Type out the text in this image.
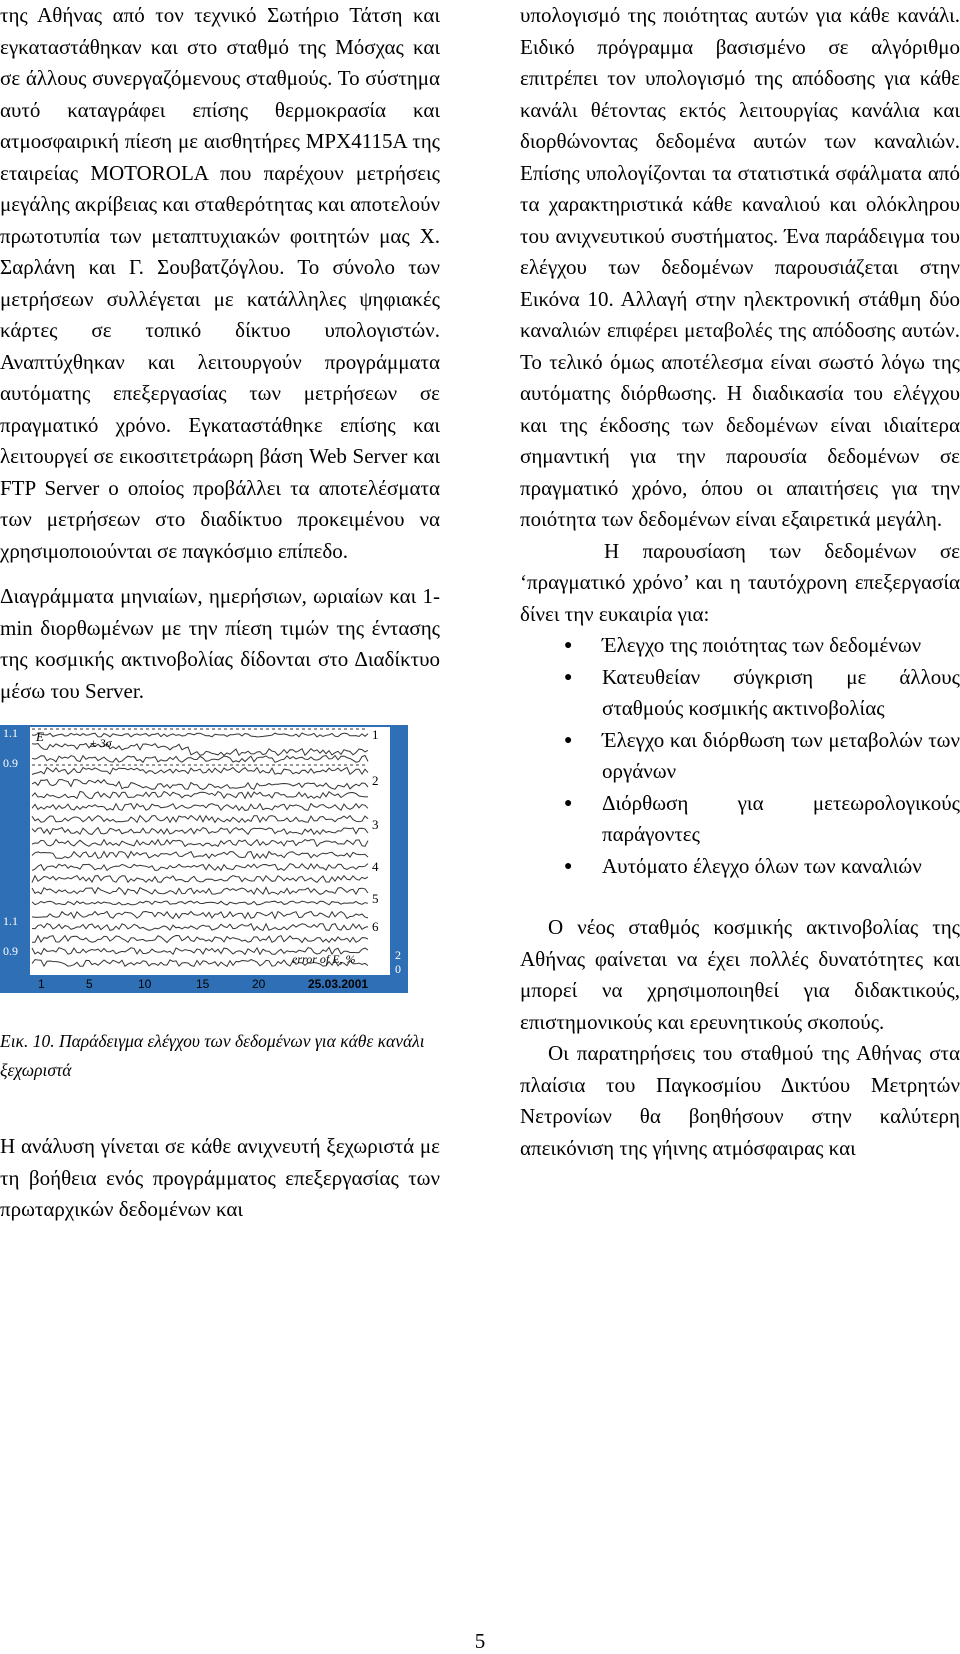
της Αθήνας από τον τεχνικό Σωτήριο Τάτση και εγκαταστάθηκαν και στο σταθμό της Μόσχας και σε άλλους συνεργαζόμενους σταθμούς. Το σύστημα αυτό καταγράφει επίσης θερμοκρασία και ατμοσφαιρική πίεση με αισθητήρες MPX4115A της εταιρείας MOTOROLA που παρέχουν μετρήσεις μεγάλης ακρίβειας και σταθερότητας και αποτελούν πρωτοτυπία των μεταπτυχιακών φοιτητών μας Χ. Σαρλάνη και Γ. Σουβατζόγλου. Το σύνολο των μετρήσεων συλλέγεται με κατάλληλες ψηφιακές κάρτες σε τοπικό δίκτυο υπολογιστών. Αναπτύχθηκαν και λειτουργούν προγράμματα αυτόματης επεξεργασίας των μετρήσεων σε πραγματικό χρόνο. Εγκαταστάθηκε επίσης και λειτουργεί σε εικοσιτετράωρη βάση Web Server και FTP Server ο οποίος προβάλλει τα αποτελέσματα των μετρήσεων στο διαδίκτυο προκειμένου να χρησιμοποιούνται σε παγκόσμιο επίπεδο.

Διαγράμματα μηνιαίων, ημερήσιων, ωριαίων και 1-min διορθωμένων με την πίεση τιμών της έντασης της κοσμικής ακτινοβολίας δίδονται στο Διαδίκτυο μέσω του Server.

1.1
0.9
1.1
0.9
E	± 3σ
error of E, %
1
2
3
4
5
6
2
0
1	5	10	15	20	25.03.2001

Εικ. 10. Παράδειγμα ελέγχου των δεδομένων για κάθε κανάλι ξεχωριστά

Η ανάλυση γίνεται σε κάθε ανιχνευτή ξεχωριστά με τη βοήθεια ενός προγράμματος επεξεργασίας των πρωταρχικών δεδομένων και

υπολογισμό της ποιότητας αυτών για κάθε κανάλι. Ειδικό πρόγραμμα βασισμένο σε αλγόριθμο επιτρέπει τον υπολογισμό της απόδοσης για κάθε κανάλι θέτοντας εκτός λειτουργίας κανάλια και διορθώνοντας δεδομένα αυτών των καναλιών. Επίσης υπολογίζονται τα στατιστικά σφάλματα από τα χαρακτηριστικά κάθε καναλιού και ολόκληρου του ανιχνευτικού συστήματος. Ένα παράδειγμα του ελέγχου των δεδομένων παρουσιάζεται στην Εικόνα 10. Αλλαγή στην ηλεκτρονική στάθμη δύο καναλιών επιφέρει μεταβολές της απόδοσης αυτών. Το τελικό όμως αποτέλεσμα είναι σωστό λόγω της αυτόματης διόρθωσης. Η διαδικασία του ελέγχου και της έκδοσης των δεδομένων είναι ιδιαίτερα σημαντική για την παρουσία δεδομένων σε πραγματικό χρόνο, όπου οι απαιτήσεις για την ποιότητα των δεδομένων είναι εξαιρετικά μεγάλη.

Η παρουσίαση των δεδομένων σε ‘πραγματικό χρόνο’ και η ταυτόχρονη επεξεργασία δίνει την ευκαιρία για:

● Έλεγχο της ποιότητας των δεδομένων
● Κατευθείαν σύγκριση με άλλους σταθμούς κοσμικής ακτινοβολίας
● Έλεγχο και διόρθωση των μεταβολών των οργάνων
● Διόρθωση για μετεωρολογικούς παράγοντες
● Αυτόματο έλεγχο όλων των καναλιών

Ο νέος σταθμός κοσμικής ακτινοβολίας της Αθήνας φαίνεται να έχει πολλές δυνατότητες και μπορεί να χρησιμοποιηθεί για διδακτικούς, επιστημονικούς και ερευνητικούς σκοπούς.

Οι παρατηρήσεις του σταθμού της Αθήνας στα πλαίσια του Παγκοσμίου Δικτύου Μετρητών Νετρονίων θα βοηθήσουν στην καλύτερη απεικόνιση της γήινης ατμόσφαιρας και

5
